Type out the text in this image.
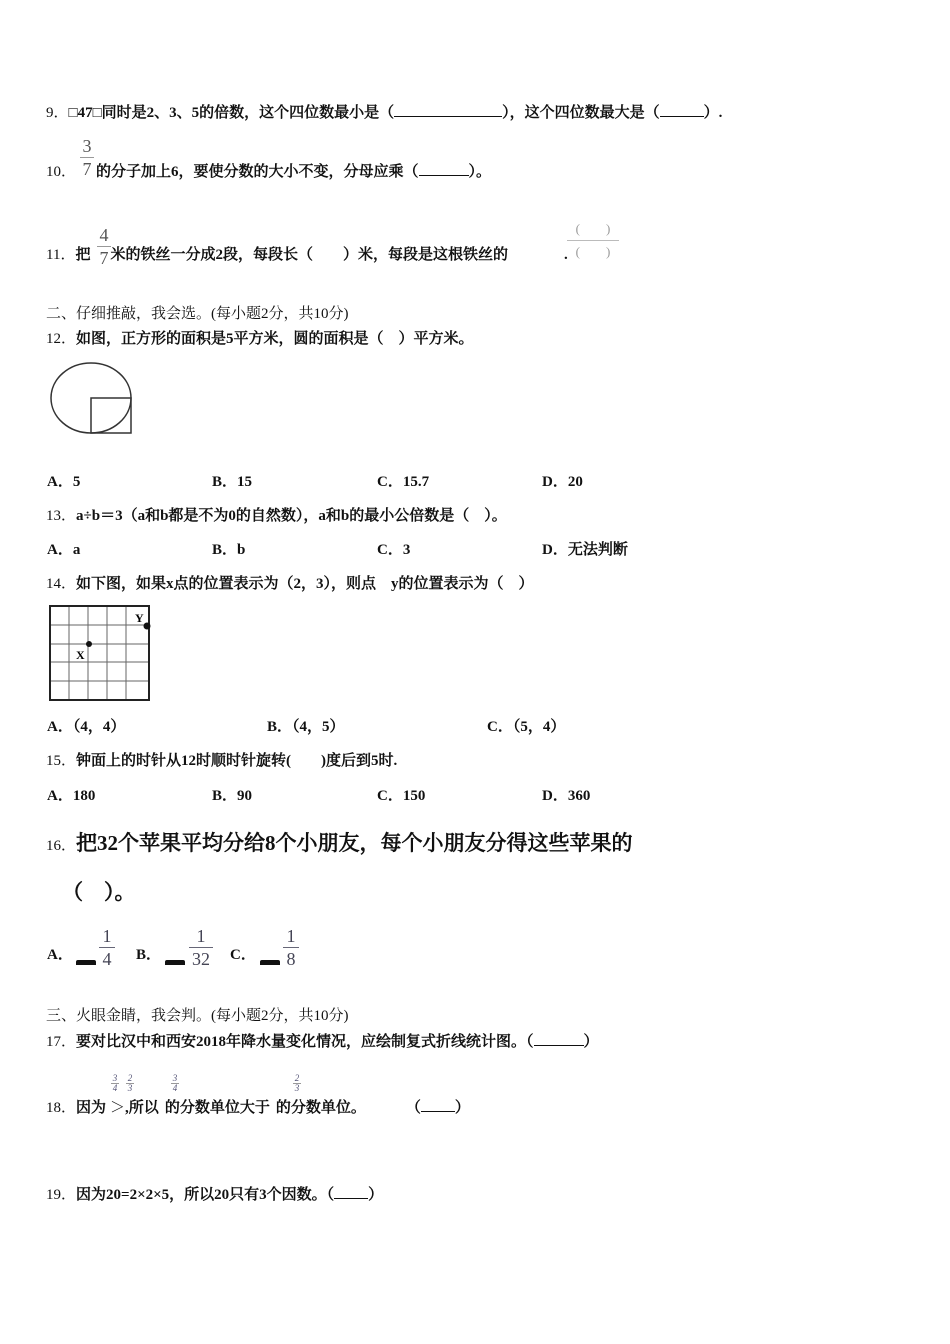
9．□47□同时是2、3、5的倍数，这个四位数最小是（	），这个四位数最大是（	）.
3
7
10． 的分子加上6，要使分数的大小不变，分母应乘（	）。
4
7
11．把 米的铁丝一分成2段，每段长（　　）米，每段是这根铁丝的	.
(　　)
(　　)
二、仔细推敲，我会选。(每小题2分，共10分)
12．如图，正方形的面积是5平方米，圆的面积是（　）平方米。
A．5	B．15	C．15.7	D．20
13．a÷b＝3（a和b都是不为0的自然数），a和b的最小公倍数是（　）。
A．a	B．b	C．3	D．无法判断
14．如下图，如果x点的位置表示为（2，3），则点　y的位置表示为（　）
X
Y
A．（4，4）	B．（4，5）	C．（5，4）
15．钟面上的时针从12时顺时针旋转(　　)度后到5时.
A．180	B．90	C．150	D．360
16．把32个苹果平均分给8个小朋友，每个小朋友分得这些苹果的
（　）。
A．
1
4 B．
1
32 C．
1
8
三、火眼金睛，我会判。(每小题2分，共10分)
17．要对比汉中和西安2018年降水量变化情况，应绘制复式折线统计图。（	）
3
4
2
3
3
4
2
3
18．因为 ＞,所以 的分数单位大于 的分数单位。	（ ）
19．因为20=2×2×5，所以20只有3个因数。（ ）
